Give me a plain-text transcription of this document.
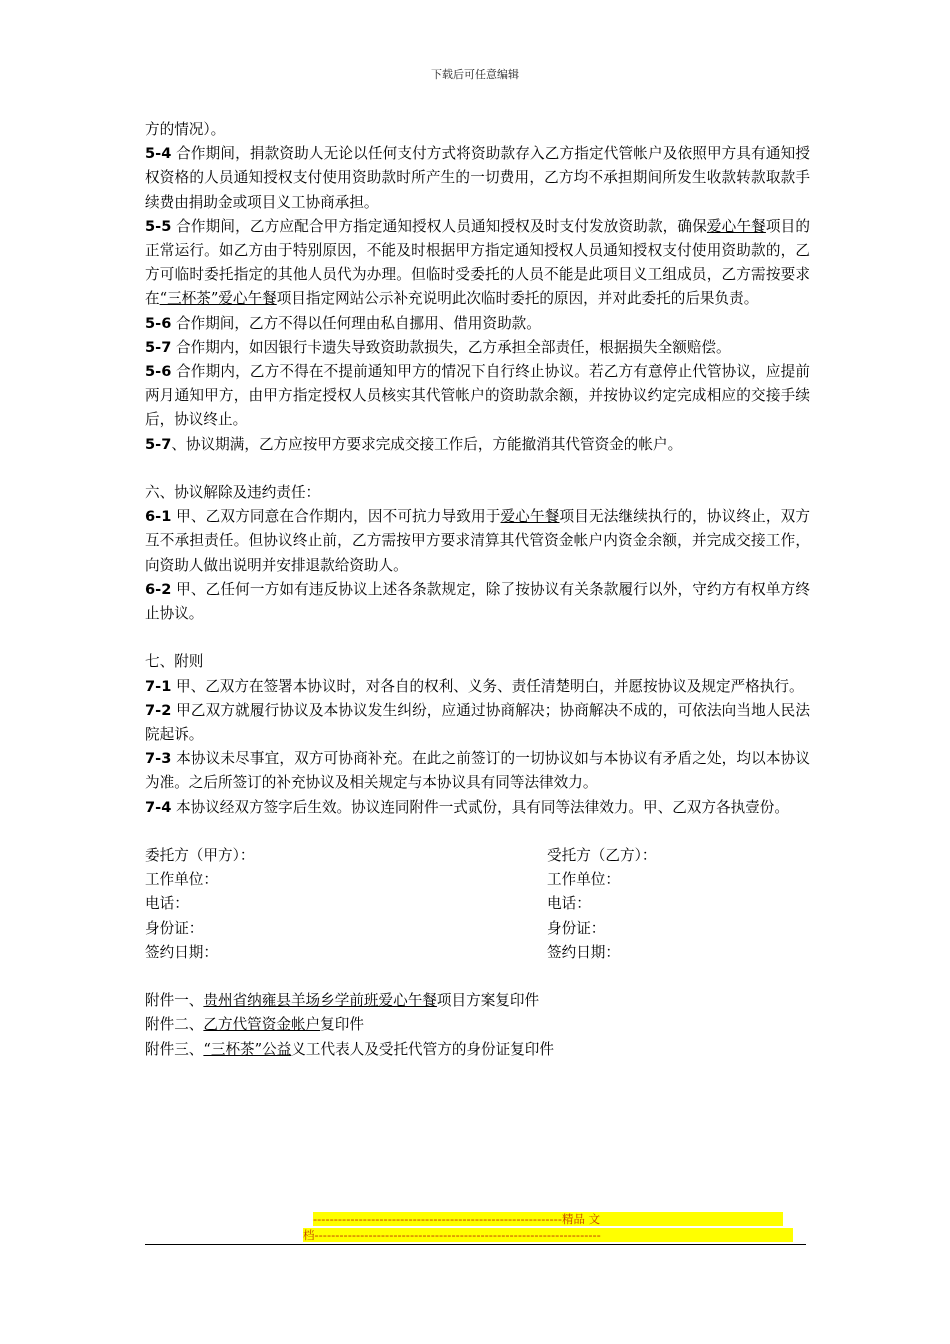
下载后可任意编辑

方的情况）。

5-4 合作期间，捐款资助人无论以任何支付方式将资助款存入乙方指定代管帐户及依照甲方具有通知授权资格的人员通知授权支付使用资助款时所产生的一切费用，乙方均不承担期间所发生收款转款取款手续费由捐助金或项目义工协商承担。

5-5 合作期间，乙方应配合甲方指定通知授权人员通知授权及时支付发放资助款，确保爱心午餐项目的正常运行。如乙方由于特别原因，不能及时根据甲方指定通知授权人员通知授权支付使用资助款的，乙方可临时委托指定的其他人员代为办理。但临时受委托的人员不能是此项目义工组成员，乙方需按要求在“三杯茶”爱心午餐项目指定网站公示补充说明此次临时委托的原因，并对此委托的后果负责。

5-6 合作期间，乙方不得以任何理由私自挪用、借用资助款。

5-7 合作期内，如因银行卡遗失导致资助款损失，乙方承担全部责任，根据损失全额赔偿。

5-6 合作期内，乙方不得在不提前通知甲方的情况下自行终止协议。若乙方有意停止代管协议，应提前两月通知甲方，由甲方指定授权人员核实其代管帐户的资助款余额，并按协议约定完成相应的交接手续后，协议终止。

5-7、协议期满，乙方应按甲方要求完成交接工作后，方能撤消其代管资金的帐户。

六、协议解除及违约责任：

6-1 甲、乙双方同意在合作期内，因不可抗力导致用于爱心午餐项目无法继续执行的，协议终止，双方互不承担责任。但协议终止前，乙方需按甲方要求清算其代管资金帐户内资金余额，并完成交接工作，向资助人做出说明并安排退款给资助人。

6-2 甲、乙任何一方如有违反协议上述各条款规定，除了按协议有关条款履行以外，守约方有权单方终止协议。

七、附则

7-1 甲、乙双方在签署本协议时，对各自的权利、义务、责任清楚明白，并愿按协议及规定严格执行。

7-2 甲乙双方就履行协议及本协议发生纠纷，应通过协商解决；协商解决不成的，可依法向当地人民法院起诉。

7-3 本协议未尽事宜，双方可协商补充。在此之前签订的一切协议如与本协议有矛盾之处，均以本协议为准。之后所签订的补充协议及相关规定与本协议具有同等法律效力。

7-4 本协议经双方签字后生效。协议连同附件一式贰份，具有同等法律效力。甲、乙双方各执壹份。

委托方（甲方）：
工作单位：
电话：
身份证：
签约日期：
受托方（乙方）：
工作单位：
电话：
身份证：
签约日期：

附件一、贵州省纳雍县羊场乡学前班爱心午餐项目方案复印件

附件二、乙方代管资金帐户复印件

附件三、“三杯茶”公益义工代表人及受托代管方的身份证复印件

------------------------------------------------------------精品 文
档---------------------------------------------------------------------
